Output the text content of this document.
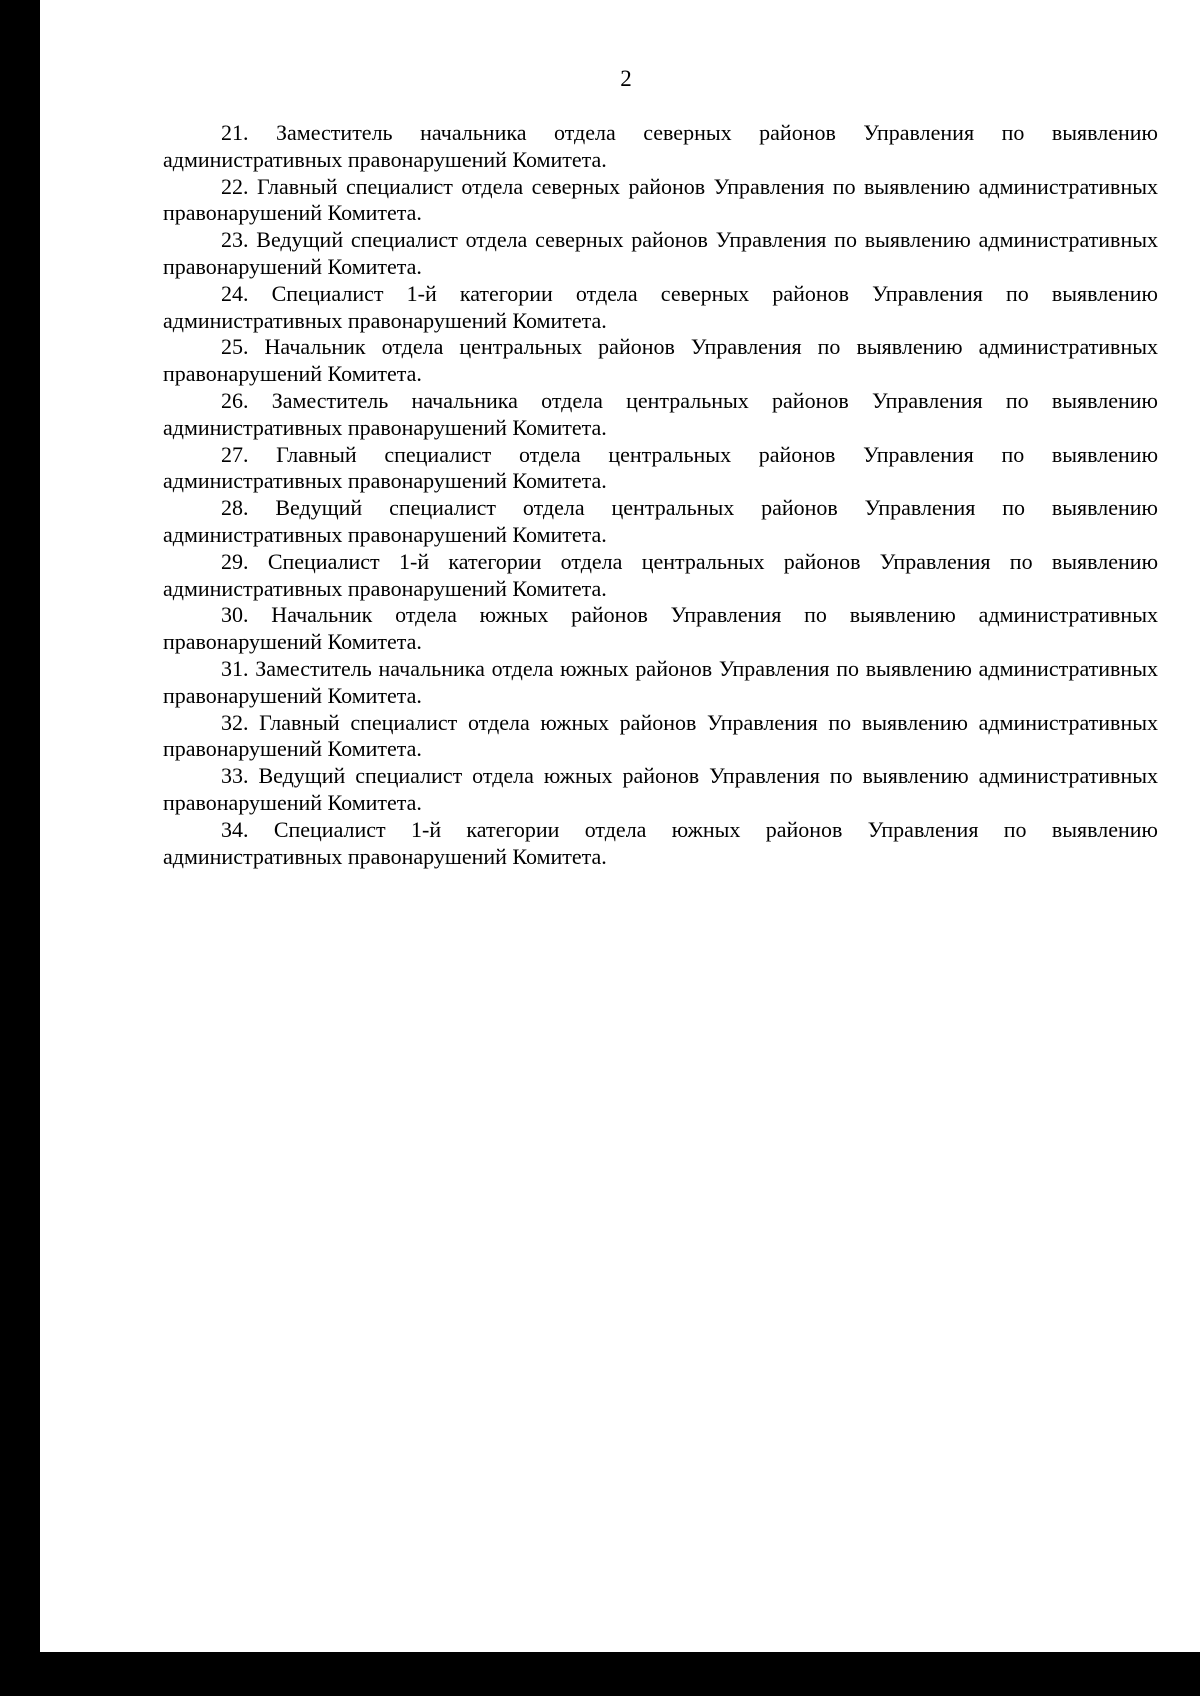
2

21. Заместитель начальника отдела северных районов Управления по выявлению административных правонарушений Комитета.

22. Главный специалист отдела северных районов Управления по выявлению административных правонарушений Комитета.

23. Ведущий специалист отдела северных районов Управления по выявлению административных правонарушений Комитета.

24. Специалист 1-й категории отдела северных районов Управления по выявлению административных правонарушений Комитета.

25. Начальник отдела центральных районов Управления по выявлению административных правонарушений Комитета.

26. Заместитель начальника отдела центральных районов Управления по выявлению административных правонарушений Комитета.

27. Главный специалист отдела центральных районов Управления по выявлению административных правонарушений Комитета.

28. Ведущий специалист отдела центральных районов Управления по выявлению административных правонарушений Комитета.

29. Специалист 1-й категории отдела центральных районов Управления по выявлению административных правонарушений Комитета.

30. Начальник отдела южных районов Управления по выявлению административных правонарушений Комитета.

31. Заместитель начальника отдела южных районов Управления по выявлению административных правонарушений Комитета.

32. Главный специалист отдела южных районов Управления по выявлению административных правонарушений Комитета.

33. Ведущий специалист отдела южных районов Управления по выявлению административных правонарушений Комитета.

34. Специалист 1-й категории отдела южных районов Управления по выявлению административных правонарушений Комитета.
